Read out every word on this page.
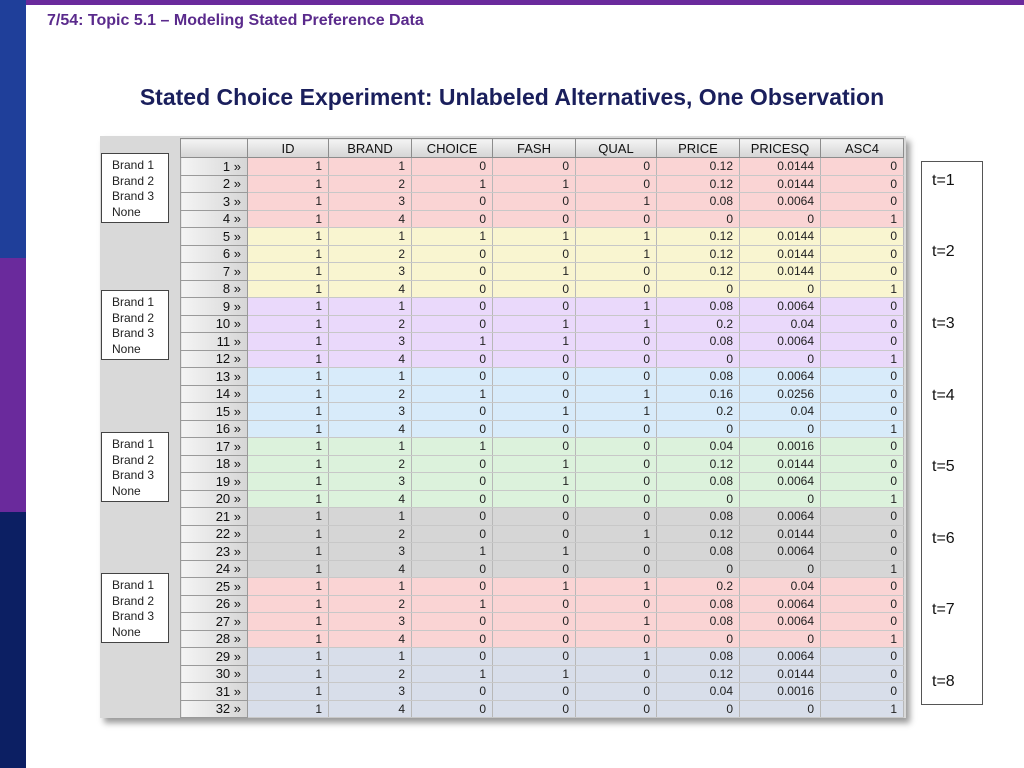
7/54: Topic 5.1 – Modeling Stated Preference Data
Stated Choice Experiment: Unlabeled Alternatives, One Observation
	ID	BRAND	CHOICE	FASH	QUAL	PRICE	PRICESQ	ASC4
1 »	1	1	0	0	0	0.12	0.0144	0
2 »	1	2	1	1	0	0.12	0.0144	0
3 »	1	3	0	0	1	0.08	0.0064	0
4 »	1	4	0	0	0	0	0	1
5 »	1	1	1	1	1	0.12	0.0144	0
6 »	1	2	0	0	1	0.12	0.0144	0
7 »	1	3	0	1	0	0.12	0.0144	0
8 »	1	4	0	0	0	0	0	1
9 »	1	1	0	0	1	0.08	0.0064	0
10 »	1	2	0	1	1	0.2	0.04	0
11 »	1	3	1	1	0	0.08	0.0064	0
12 »	1	4	0	0	0	0	0	1
13 »	1	1	0	0	0	0.08	0.0064	0
14 »	1	2	1	0	1	0.16	0.0256	0
15 »	1	3	0	1	1	0.2	0.04	0
16 »	1	4	0	0	0	0	0	1
17 »	1	1	1	0	0	0.04	0.0016	0
18 »	1	2	0	1	0	0.12	0.0144	0
19 »	1	3	0	1	0	0.08	0.0064	0
20 »	1	4	0	0	0	0	0	1
21 »	1	1	0	0	0	0.08	0.0064	0
22 »	1	2	0	0	1	0.12	0.0144	0
23 »	1	3	1	1	0	0.08	0.0064	0
24 »	1	4	0	0	0	0	0	1
25 »	1	1	0	1	1	0.2	0.04	0
26 »	1	2	1	0	0	0.08	0.0064	0
27 »	1	3	0	0	1	0.08	0.0064	0
28 »	1	4	0	0	0	0	0	1
29 »	1	1	0	0	1	0.08	0.0064	0
30 »	1	2	1	1	0	0.12	0.0144	0
31 »	1	3	0	0	0	0.04	0.0016	0
32 »	1	4	0	0	0	0	0	1
Brand 1
Brand 2
Brand 3
None
Brand 1
Brand 2
Brand 3
None
Brand 1
Brand 2
Brand 3
None
Brand 1
Brand 2
Brand 3
None
t=1
t=2
t=3
t=4
t=5
t=6
t=7
t=8
